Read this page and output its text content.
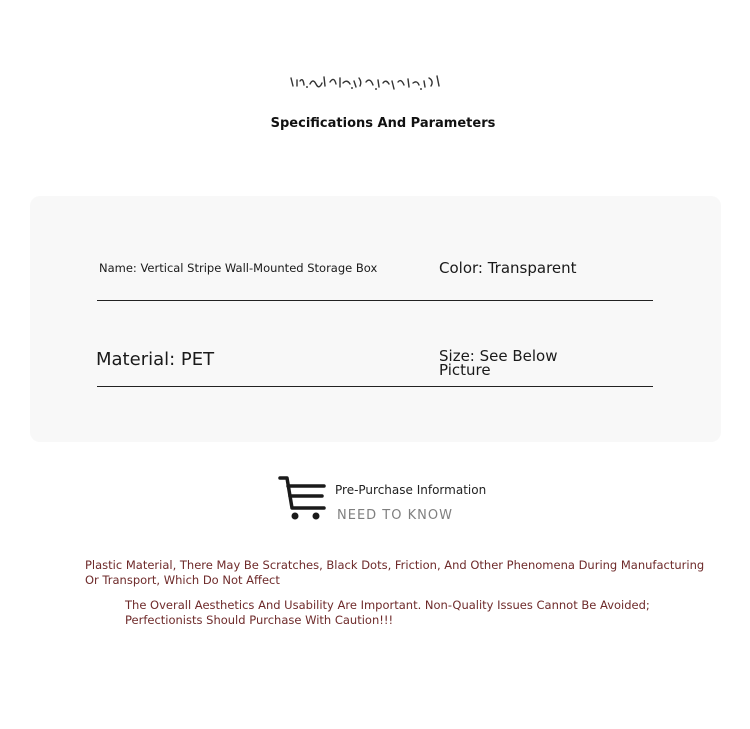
Specifications And Parameters
Name: Vertical Stripe Wall-Mounted Storage Box	Color: Transparent
Material: PET	Size: See Below Picture
Pre-Purchase Information
NEED TO KNOW
Plastic Material, There May Be Scratches, Black Dots, Friction, And Other Phenomena During Manufacturing Or Transport, Which Do Not Affect
The Overall Aesthetics And Usability Are Important. Non-Quality Issues Cannot Be Avoided; Perfectionists Should Purchase With Caution!!!
